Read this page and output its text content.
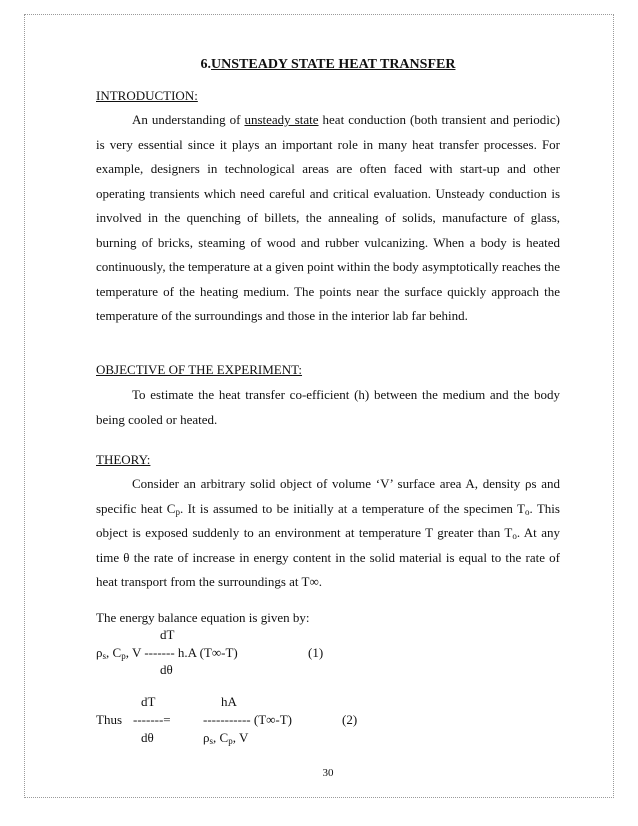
6.UNSTEADY STATE HEAT TRANSFER
INTRODUCTION:

An understanding of unsteady state heat conduction (both transient and periodic) is very essential since it plays an important role in many heat transfer processes. For example, designers in technological areas are often faced with start-up and other operating transients which need careful and critical evaluation. Unsteady conduction is involved in the quenching of billets, the annealing of solids, manufacture of glass, burning of bricks, steaming of wood and rubber vulcanizing. When a body is heated continuously, the temperature at a given point within the body asymptotically reaches the temperature of the heating medium. The points near the surface quickly approach the temperature of the surroundings and those in the interior lab far behind.

OBJECTIVE OF THE EXPERIMENT:

To estimate the heat transfer co-efficient (h) between the medium and the body being cooled or heated.

THEORY:

Consider an arbitrary solid object of volume ‘V’ surface area A, density ρs and specific heat $C_p$. It is assumed to be initially at a temperature of the specimen $T_o$. This object is exposed suddenly to an environment at temperature T greater than $T_o$. At any time θ the rate of increase in energy content in the solid material is equal to the rate of heat transport from the surroundings at T∞.

The energy balance equation is given by:
dT
$\rho_s$, $C_p$, V ------- h.A (T∞-T)	(1)
dθ
dT	hA
Thus -------= ----------- (T∞-T)	(2)
dθ	$\rho_s$, $C_p$, V
30
